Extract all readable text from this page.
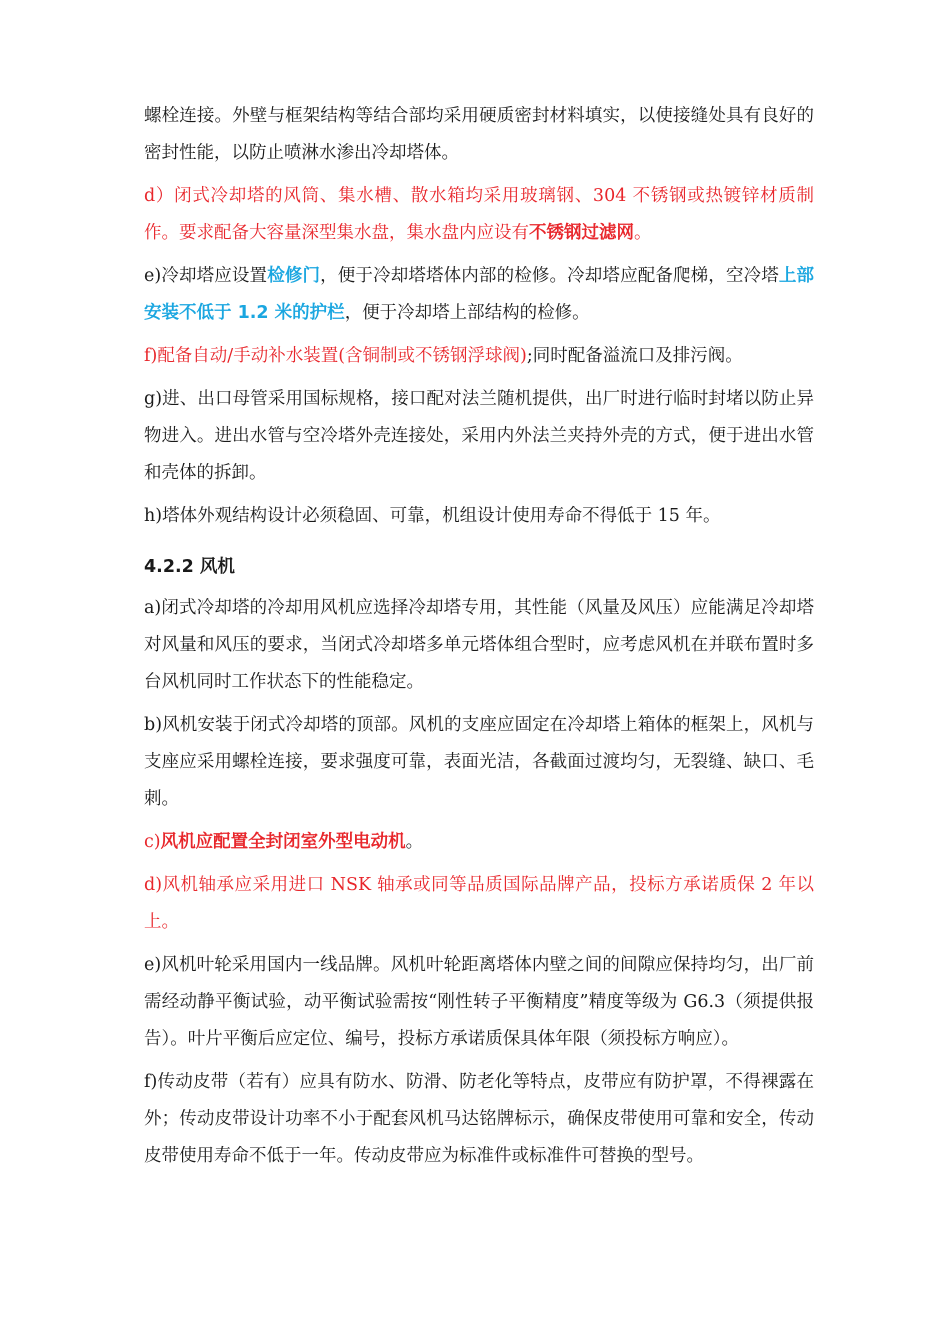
螺栓连接。外壁与框架结构等结合部均采用硬质密封材料填实，以使接缝处具有良好的密封性能，以防止喷淋水渗出冷却塔体。

d）闭式冷却塔的风筒、集水槽、散水箱均采用玻璃钢、304 不锈钢或热镀锌材质制作。要求配备大容量深型集水盘，集水盘内应设有不锈钢过滤网。

e)冷却塔应设置检修门，便于冷却塔塔体内部的检修。冷却塔应配备爬梯，空冷塔上部安装不低于 1.2 米的护栏，便于冷却塔上部结构的检修。

f)配备自动/手动补水装置(含铜制或不锈钢浮球阀);同时配备溢流口及排污阀。

g)进、出口母管采用国标规格，接口配对法兰随机提供，出厂时进行临时封堵以防止异物进入。进出水管与空冷塔外壳连接处，采用内外法兰夹持外壳的方式，便于进出水管和壳体的拆卸。

h)塔体外观结构设计必须稳固、可靠，机组设计使用寿命不得低于 15 年。

4.2.2 风机

a)闭式冷却塔的冷却用风机应选择冷却塔专用，其性能（风量及风压）应能满足冷却塔对风量和风压的要求，当闭式冷却塔多单元塔体组合型时，应考虑风机在并联布置时多台风机同时工作状态下的性能稳定。

b)风机安装于闭式冷却塔的顶部。风机的支座应固定在冷却塔上箱体的框架上，风机与支座应采用螺栓连接，要求强度可靠，表面光洁，各截面过渡均匀，无裂缝、缺口、毛刺。

c)风机应配置全封闭室外型电动机。

d)风机轴承应采用进口 NSK 轴承或同等品质国际品牌产品，投标方承诺质保 2 年以上。

e)风机叶轮采用国内一线品牌。风机叶轮距离塔体内壁之间的间隙应保持均匀，出厂前需经动静平衡试验，动平衡试验需按“刚性转子平衡精度”精度等级为 G6.3（须提供报告）。叶片平衡后应定位、编号，投标方承诺质保具体年限（须投标方响应）。

f)传动皮带（若有）应具有防水、防滑、防老化等特点，皮带应有防护罩，不得裸露在外；传动皮带设计功率不小于配套风机马达铭牌标示，确保皮带使用可靠和安全，传动皮带使用寿命不低于一年。传动皮带应为标准件或标准件可替换的型号。
